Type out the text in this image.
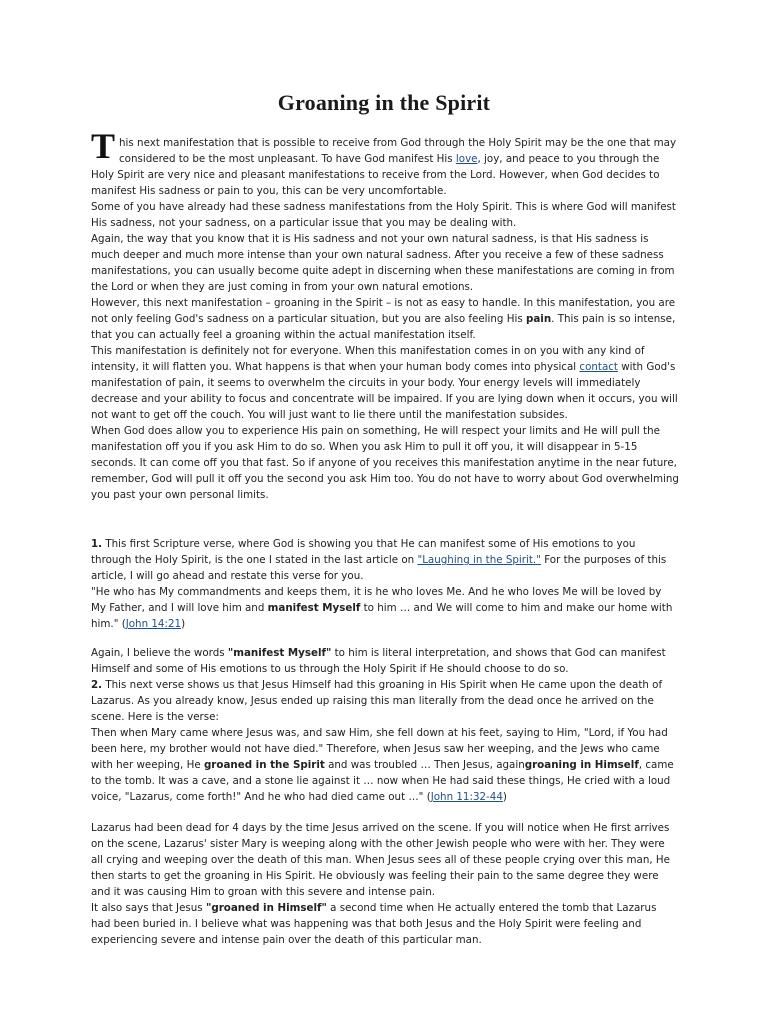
Groaning in the Spirit

This next manifestation that is possible to receive from God through the Holy Spirit may be the one that may considered to be the most unpleasant. To have God manifest His love, joy, and peace to you through the Holy Spirit are very nice and pleasant manifestations to receive from the Lord. However, when God decides to manifest His sadness or pain to you, this can be very uncomfortable.

Some of you have already had these sadness manifestations from the Holy Spirit. This is where God will manifest His sadness, not your sadness, on a particular issue that you may be dealing with.

Again, the way that you know that it is His sadness and not your own natural sadness, is that His sadness is much deeper and much more intense than your own natural sadness. After you receive a few of these sadness manifestations, you can usually become quite adept in discerning when these manifestations are coming in from the Lord or when they are just coming in from your own natural emotions.

However, this next manifestation – groaning in the Spirit – is not as easy to handle. In this manifestation, you are not only feeling God's sadness on a particular situation, but you are also feeling His pain. This pain is so intense, that you can actually feel a groaning within the actual manifestation itself.

This manifestation is definitely not for everyone. When this manifestation comes in on you with any kind of intensity, it will flatten you. What happens is that when your human body comes into physical contact with God's manifestation of pain, it seems to overwhelm the circuits in your body. Your energy levels will immediately decrease and your ability to focus and concentrate will be impaired. If you are lying down when it occurs, you will not want to get off the couch. You will just want to lie there until the manifestation subsides.

When God does allow you to experience His pain on something, He will respect your limits and He will pull the manifestation off you if you ask Him to do so. When you ask Him to pull it off you, it will disappear in 5-15 seconds. It can come off you that fast. So if anyone of you receives this manifestation anytime in the near future, remember, God will pull it off you the second you ask Him too. You do not have to worry about God overwhelming you past your own personal limits.

1. This first Scripture verse, where God is showing you that He can manifest some of His emotions to you through the Holy Spirit, is the one I stated in the last article on "Laughing in the Spirit." For the purposes of this article, I will go ahead and restate this verse for you.

"He who has My commandments and keeps them, it is he who loves Me. And he who loves Me will be loved by My Father, and I will love him and manifest Myself to him … and We will come to him and make our home with him." (John 14:21)

Again, I believe the words "manifest Myself" to him is literal interpretation, and shows that God can manifest Himself and some of His emotions to us through the Holy Spirit if He should choose to do so.

2. This next verse shows us that Jesus Himself had this groaning in His Spirit when He came upon the death of Lazarus. As you already know, Jesus ended up raising this man literally from the dead once he arrived on the scene. Here is the verse:

Then when Mary came where Jesus was, and saw Him, she fell down at his feet, saying to Him, "Lord, if You had been here, my brother would not have died." Therefore, when Jesus saw her weeping, and the Jews who came with her weeping, He groaned in the Spirit and was troubled … Then Jesus, againgroaning in Himself, came to the tomb. It was a cave, and a stone lie against it … now when He had said these things, He cried with a loud voice, "Lazarus, come forth!" And he who had died came out …" (John 11:32-44)

Lazarus had been dead for 4 days by the time Jesus arrived on the scene. If you will notice when He first arrives on the scene, Lazarus' sister Mary is weeping along with the other Jewish people who were with her. They were all crying and weeping over the death of this man. When Jesus sees all of these people crying over this man, He then starts to get the groaning in His Spirit. He obviously was feeling their pain to the same degree they were and it was causing Him to groan with this severe and intense pain.

It also says that Jesus "groaned in Himself" a second time when He actually entered the tomb that Lazarus had been buried in. I believe what was happening was that both Jesus and the Holy Spirit were feeling and experiencing severe and intense pain over the death of this particular man.
